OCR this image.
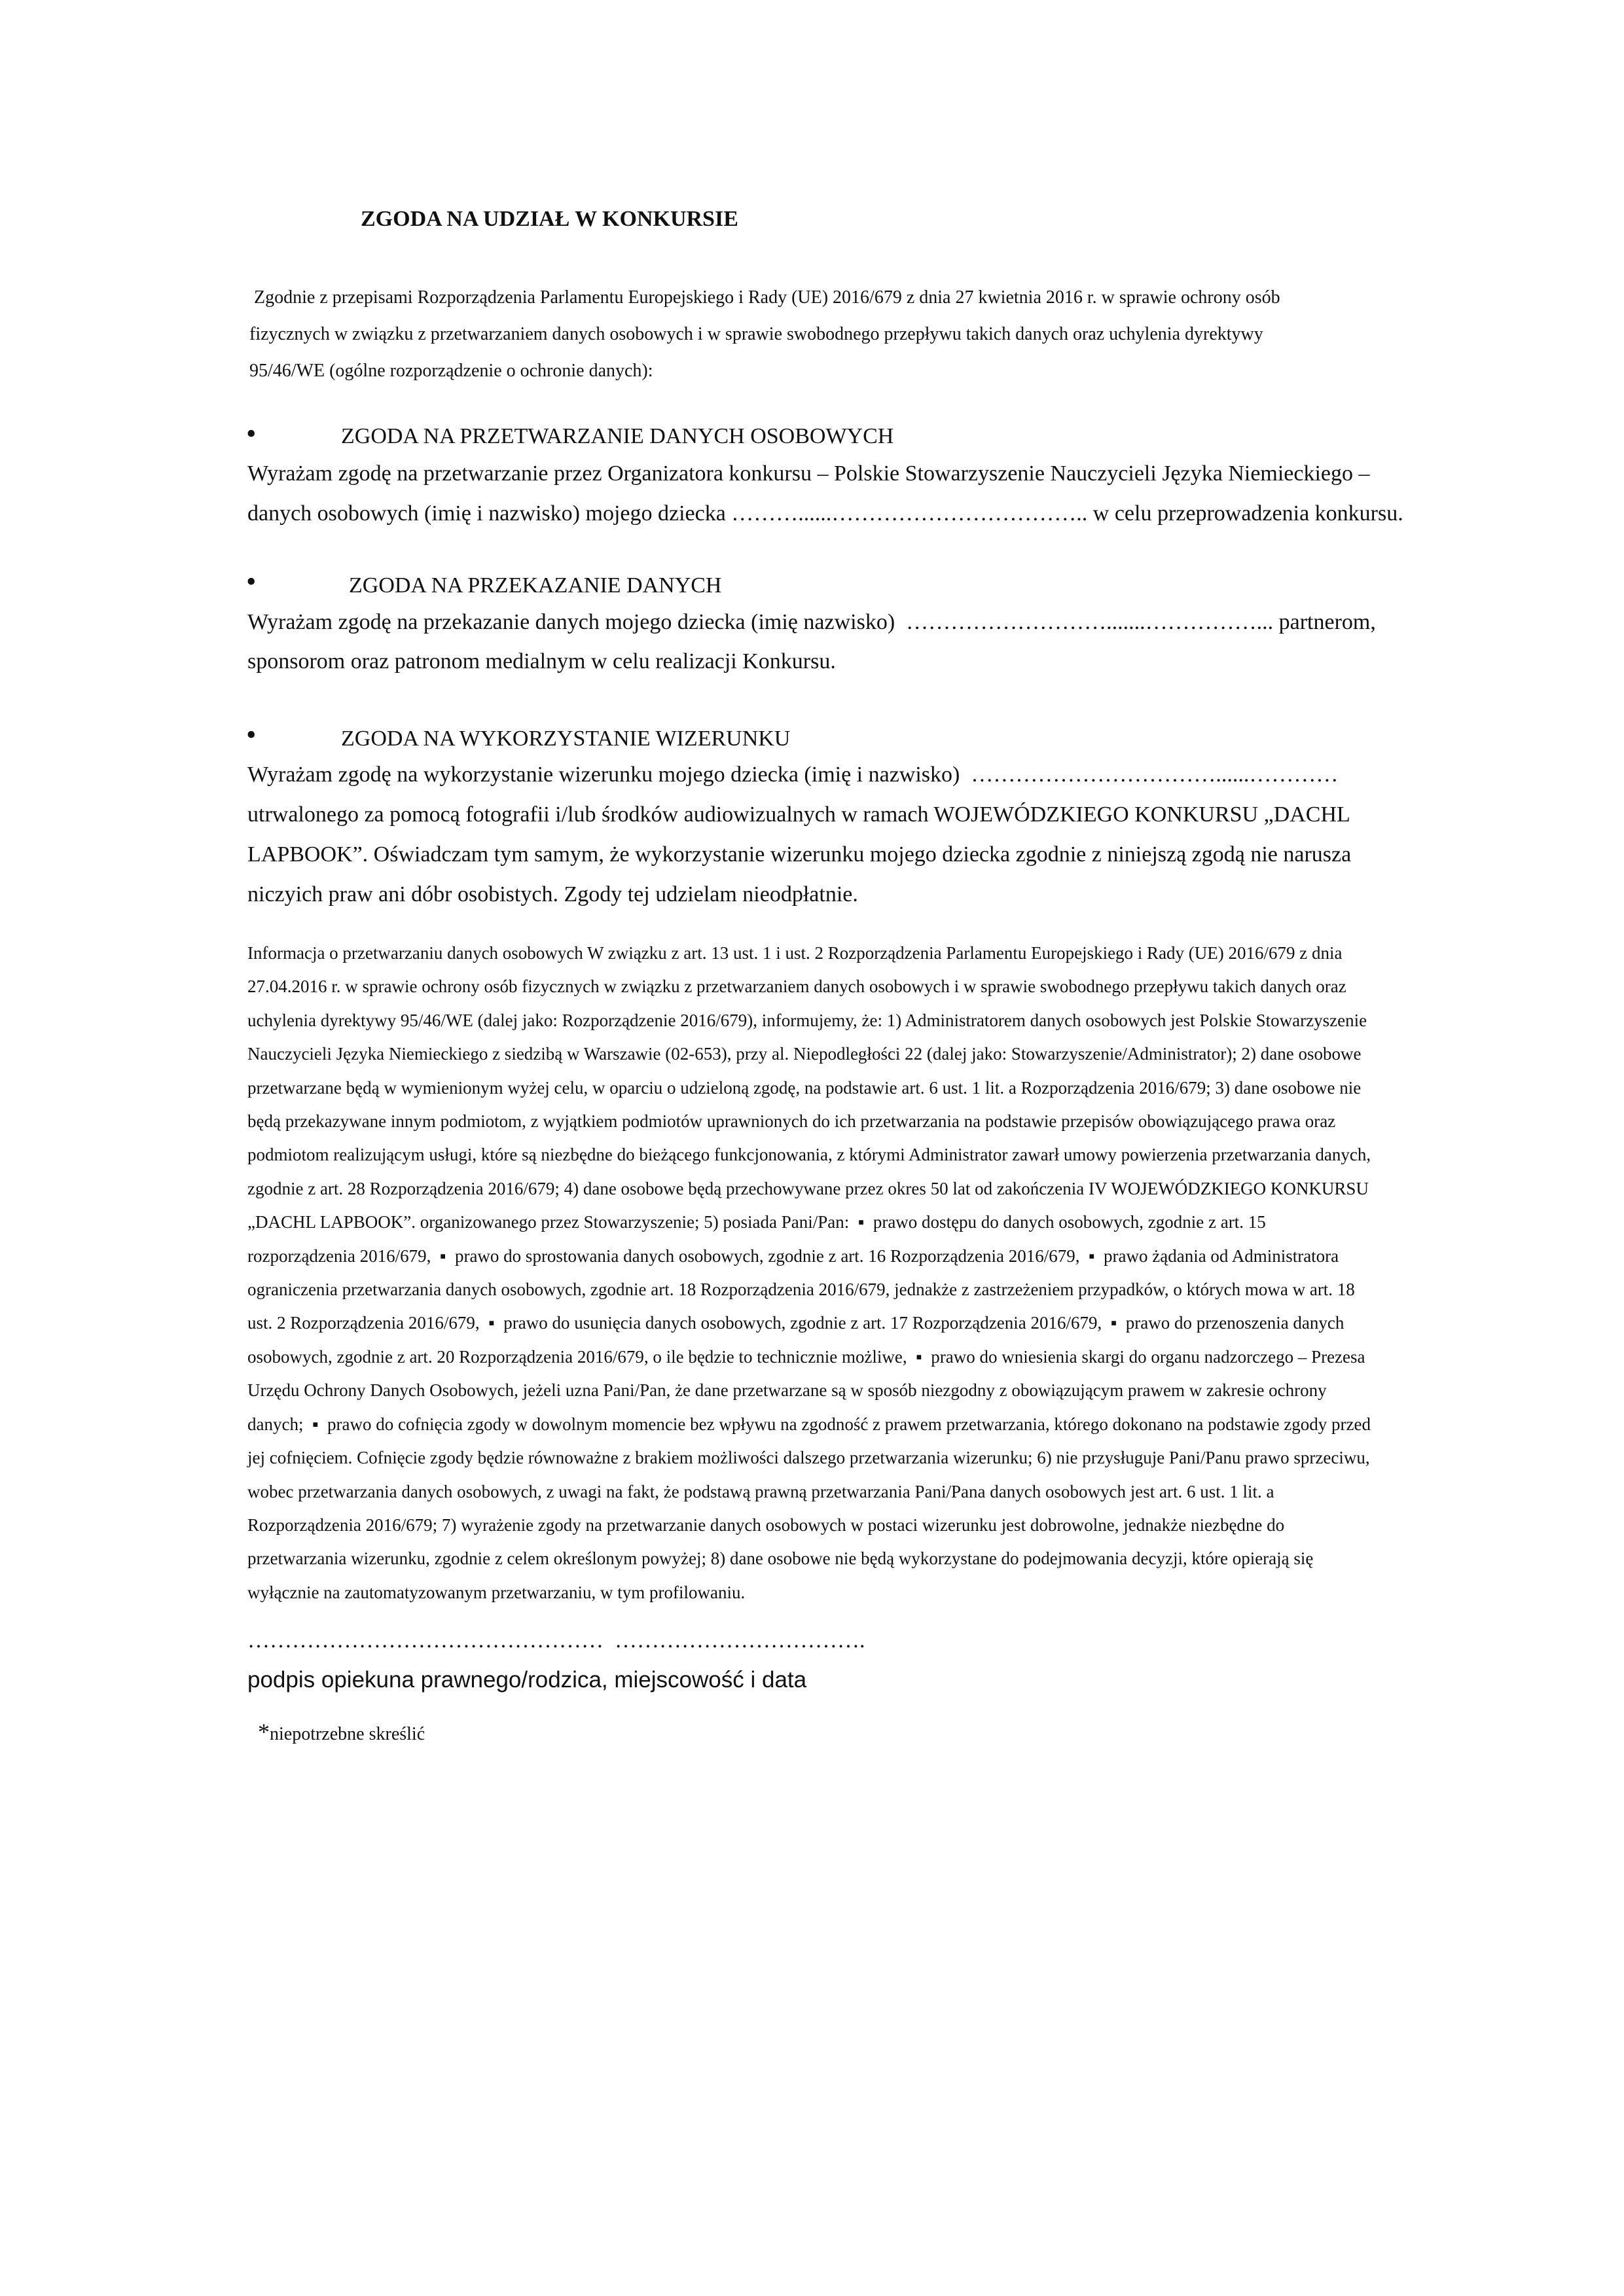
ZGODA NA UDZIAŁ W KONKURSIE
Zgodnie z przepisami Rozporządzenia Parlamentu Europejskiego i Rady (UE) 2016/679 z dnia 27 kwietnia 2016 r. w sprawie ochrony osób
fizycznych w związku z przetwarzaniem danych osobowych i w sprawie swobodnego przepływu takich danych oraz uchylenia dyrektywy
95/46/WE (ogólne rozporządzenie o ochronie danych):
•	ZGODA NA PRZETWARZANIE DANYCH OSOBOWYCH
Wyrażam zgodę na przetwarzanie przez Organizatora konkursu – Polskie Stowarzyszenie Nauczycieli Języka Niemieckiego –
danych osobowych (imię i nazwisko) mojego dziecka ………......…………………………….. w celu przeprowadzenia konkursu.
•	ZGODA NA PRZEKAZANIE DANYCH
Wyrażam zgodę na przekazanie danych mojego dziecka (imię nazwisko)  ……………………….......……………... partnerom,
sponsorom oraz patronom medialnym w celu realizacji Konkursu.
•	ZGODA NA WYKORZYSTANIE WIZERUNKU
Wyrażam zgodę na wykorzystanie wizerunku mojego dziecka (imię i nazwisko)  ……………………………......…………
utrwalonego za pomocą fotografii i/lub środków audiowizualnych w ramach WOJEWÓDZKIEGO KONKURSU „DACHL
LAPBOOK”. Oświadczam tym samym, że wykorzystanie wizerunku mojego dziecka zgodnie z niniejszą zgodą nie narusza
niczyich praw ani dóbr osobistych. Zgody tej udzielam nieodpłatnie.
Informacja o przetwarzaniu danych osobowych W związku z art. 13 ust. 1 i ust. 2 Rozporządzenia Parlamentu Europejskiego i Rady (UE) 2016/679 z dnia
27.04.2016 r. w sprawie ochrony osób fizycznych w związku z przetwarzaniem danych osobowych i w sprawie swobodnego przepływu takich danych oraz
uchylenia dyrektywy 95/46/WE (dalej jako: Rozporządzenie 2016/679), informujemy, że: 1) Administratorem danych osobowych jest Polskie Stowarzyszenie
Nauczycieli Języka Niemieckiego z siedzibą w Warszawie (02-653), przy al. Niepodległości 22 (dalej jako: Stowarzyszenie/Administrator); 2) dane osobowe
przetwarzane będą w wymienionym wyżej celu, w oparciu o udzieloną zgodę, na podstawie art. 6 ust. 1 lit. a Rozporządzenia 2016/679; 3) dane osobowe nie
będą przekazywane innym podmiotom, z wyjątkiem podmiotów uprawnionych do ich przetwarzania na podstawie przepisów obowiązującego prawa oraz
podmiotom realizującym usługi, które są niezbędne do bieżącego funkcjonowania, z którymi Administrator zawarł umowy powierzenia przetwarzania danych,
zgodnie z art. 28 Rozporządzenia 2016/679; 4) dane osobowe będą przechowywane przez okres 50 lat od zakończenia IV WOJEWÓDZKIEGO KONKURSU
„DACHL LAPBOOK”. organizowanego przez Stowarzyszenie; 5) posiada Pani/Pan:  ▪  prawo dostępu do danych osobowych, zgodnie z art. 15
rozporządzenia 2016/679,  ▪  prawo do sprostowania danych osobowych, zgodnie z art. 16 Rozporządzenia 2016/679,  ▪  prawo żądania od Administratora
ograniczenia przetwarzania danych osobowych, zgodnie art. 18 Rozporządzenia 2016/679, jednakże z zastrzeżeniem przypadków, o których mowa w art. 18
ust. 2 Rozporządzenia 2016/679,  ▪  prawo do usunięcia danych osobowych, zgodnie z art. 17 Rozporządzenia 2016/679,  ▪  prawo do przenoszenia danych
osobowych, zgodnie z art. 20 Rozporządzenia 2016/679, o ile będzie to technicznie możliwe,  ▪  prawo do wniesienia skargi do organu nadzorczego – Prezesa
Urzędu Ochrony Danych Osobowych, jeżeli uzna Pani/Pan, że dane przetwarzane są w sposób niezgodny z obowiązującym prawem w zakresie ochrony
danych;  ▪  prawo do cofnięcia zgody w dowolnym momencie bez wpływu na zgodność z prawem przetwarzania, którego dokonano na podstawie zgody przed
jej cofnięciem. Cofnięcie zgody będzie równoważne z brakiem możliwości dalszego przetwarzania wizerunku; 6) nie przysługuje Pani/Panu prawo sprzeciwu,
wobec przetwarzania danych osobowych, z uwagi na fakt, że podstawą prawną przetwarzania Pani/Pana danych osobowych jest art. 6 ust. 1 lit. a
Rozporządzenia 2016/679; 7) wyrażenie zgody na przetwarzanie danych osobowych w postaci wizerunku jest dobrowolne, jednakże niezbędne do
przetwarzania wizerunku, zgodnie z celem określonym powyżej; 8) dane osobowe nie będą wykorzystane do podejmowania decyzji, które opierają się
wyłącznie na zautomatyzowanym przetwarzaniu, w tym profilowaniu.
…………………………………………  …………………………….
podpis opiekuna prawnego/rodzica, miejscowość i data

*niepotrzebne skreślić
